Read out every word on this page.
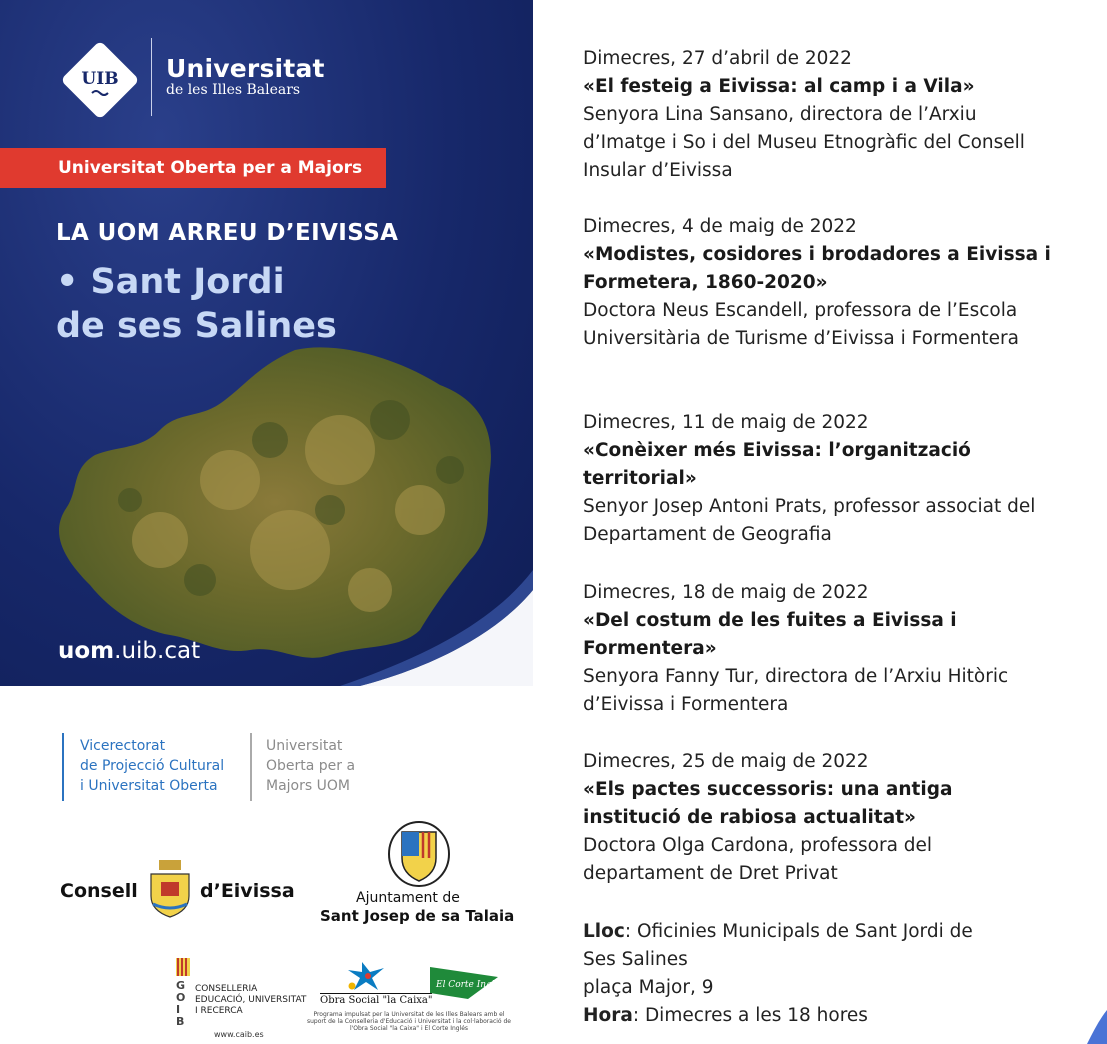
UIB Universitat
de les Illes Balears
Universitat Oberta per a Majors
LA UOM ARREU D’EIVISSA
• Sant Jordi
de ses Salines
uom.uib.cat
Vicerectorat
de Projecció Cultural
i Universitat Oberta
Universitat
Oberta per a
Majors UOM
Consell	d’Eivissa	Ajuntament de
Sant Josep de sa Talaia
G
O
I
B
CONSELLERIA
EDUCACIÓ, UNIVERSITAT
I RECERCA
www.caib.es
Obra Social "la Caixa"
El Corte Inglés
Programa impulsat per la Universitat de les Illes Balears amb el suport de la Conselleria d'Educació i Universitat i la col·laboració de l'Obra Social "la Caixa" i El Corte Inglés
Dimecres, 27 d’abril de 2022
«El festeig a Eivissa: al camp i a Vila»
Senyora Lina Sansano, directora de l’Arxiu d’Imatge i So i del Museu Etnogràfic del Consell Insular d’Eivissa
Dimecres, 4 de maig de 2022
«Modistes, cosidores i brodadores a Eivissa i Formetera, 1860-2020»
Doctora Neus Escandell, professora de l’Escola Universitària de Turisme d’Eivissa i Formentera
Dimecres, 11 de maig de 2022
«Conèixer més Eivissa: l’organització territorial»
Senyor Josep Antoni Prats, professor associat del Departament de Geografia
Dimecres, 18 de maig de 2022
«Del costum de les fuites a Eivissa i Formentera»
Senyora Fanny Tur, directora de l’Arxiu Hitòric d’Eivissa i Formentera
Dimecres, 25 de maig de 2022
«Els pactes successoris: una antiga institució de rabiosa actualitat»
Doctora Olga Cardona, professora del departament de Dret Privat
Lloc: Oficinies Municipals de Sant Jordi de Ses Salines
plaça Major, 9
Hora: Dimecres a les 18 hores
